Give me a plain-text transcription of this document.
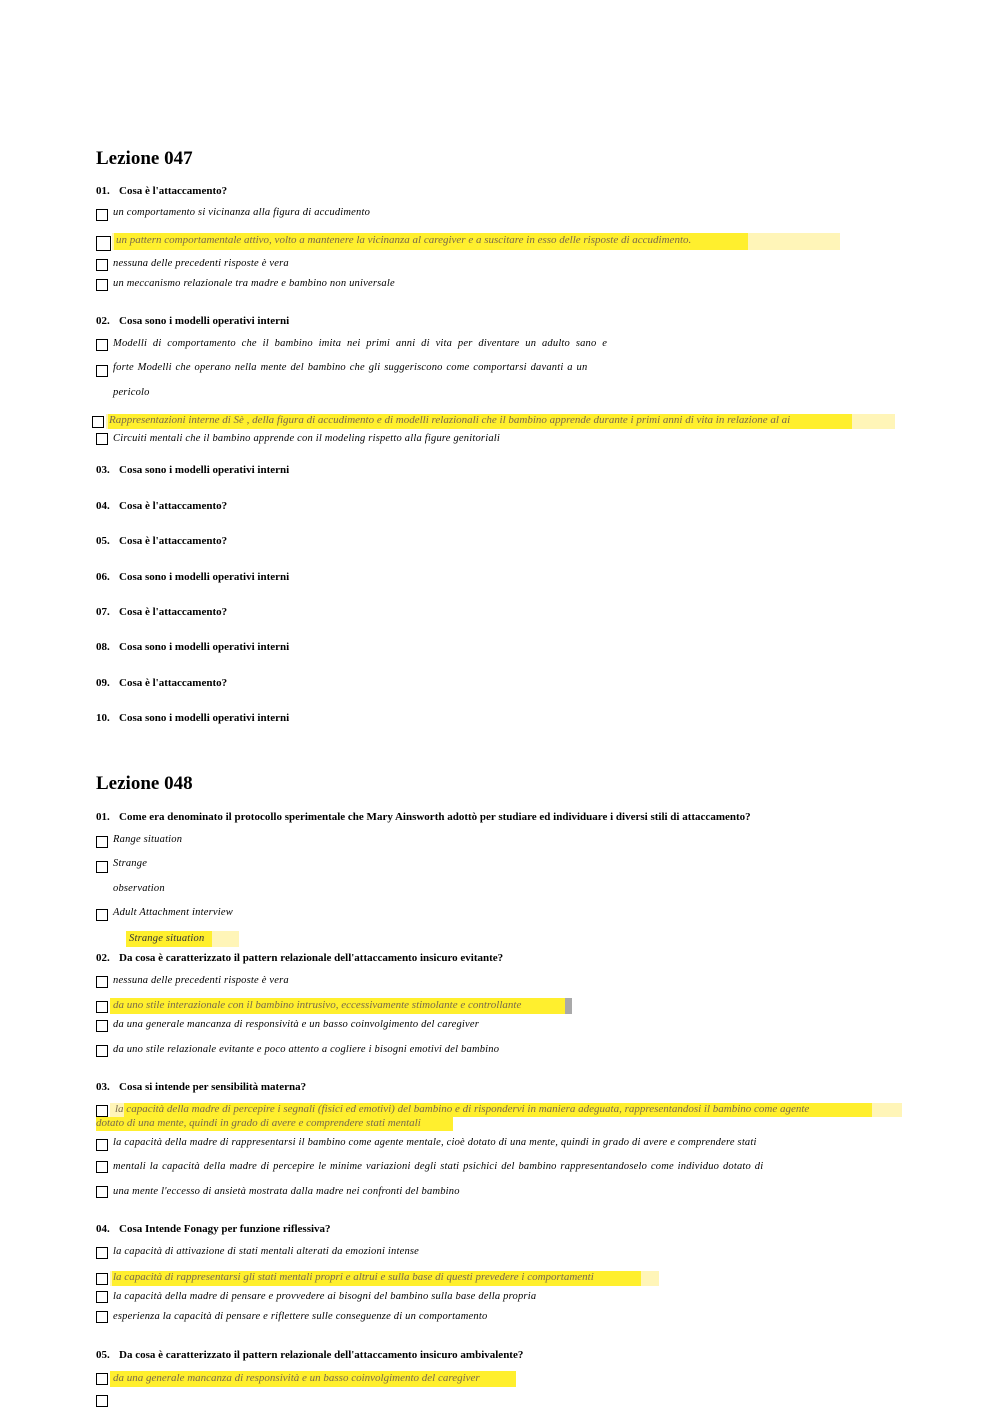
Lezione 047
01. Cosa è l'attaccamento?
un comportamento si vicinanza alla figura di accudimento
un pattern comportamentale attivo, volto a mantenere la vicinanza al caregiver e a suscitare in esso delle risposte di accudimento.
nessuna delle precedenti risposte è vera
un meccanismo relazionale tra madre e bambino non universale
02. Cosa sono i modelli operativi interni
Modelli di comportamento che il bambino imita nei primi anni di vita per diventare un adulto sano e
forte Modelli che operano nella mente del bambino che gli suggeriscono come comportarsi davanti a un
pericolo
Rappresentazioni interne di Sè , della figura di accudimento e di modelli relazionali che il bambino apprende durante i primi anni di vita in relazione al ai
Circuiti mentali che il bambino apprende con il modeling rispetto alla figure genitoriali
03. Cosa sono i modelli operativi interni
04. Cosa è l'attaccamento?
05. Cosa è l'attaccamento?
06. Cosa sono i modelli operativi interni
07. Cosa è l'attaccamento?
08. Cosa sono i modelli operativi interni
09. Cosa è l'attaccamento?
10. Cosa sono i modelli operativi interni
Lezione 048
01. Come era denominato il protocollo sperimentale che Mary Ainsworth adottò per studiare ed individuare i diversi stili di attaccamento?
Range situation
Strange
observation
Adult Attachment interview
Strange situation
02. Da cosa è caratterizzato il pattern relazionale dell'attaccamento insicuro evitante?
nessuna delle precedenti risposte è vera
da uno stile interazionale con il bambino intrusivo, eccessivamente stimolante e controllante
da una generale mancanza di responsività e un basso coinvolgimento del caregiver
da uno stile relazionale evitante e poco attento a cogliere i bisogni emotivi del bambino
03. Cosa si intende per sensibilità materna?
la capacità della madre di percepire i segnali (fisici ed emotivi) del bambino e di rispondervi in maniera adeguata, rappresentandosi il bambino come agente
dotato di una mente, quindi in grado di avere e comprendere stati mentali
la capacità della madre di rappresentarsi il bambino come agente mentale, cioè dotato di una mente, quindi in grado di avere e comprendere stati
mentali la capacità della madre di percepire le minime variazioni degli stati psichici del bambino rappresentandoselo come individuo dotato di
una mente l'eccesso di ansietà mostrata dalla madre nei confronti del bambino
04. Cosa Intende Fonagy per funzione riflessiva?
la capacità di attivazione di stati mentali alterati da emozioni intense
la capacità di rappresentarsi gli stati mentali propri e altrui e sulla base di questi prevedere i comportamenti
la capacità della madre di pensare e provvedere ai bisogni del bambino sulla base della propria
esperienza la capacità di pensare e riflettere sulle conseguenze di un comportamento
05. Da cosa è caratterizzato il pattern relazionale dell'attaccamento insicuro ambivalente?
da una generale mancanza di responsività e un basso coinvolgimento del caregiver
